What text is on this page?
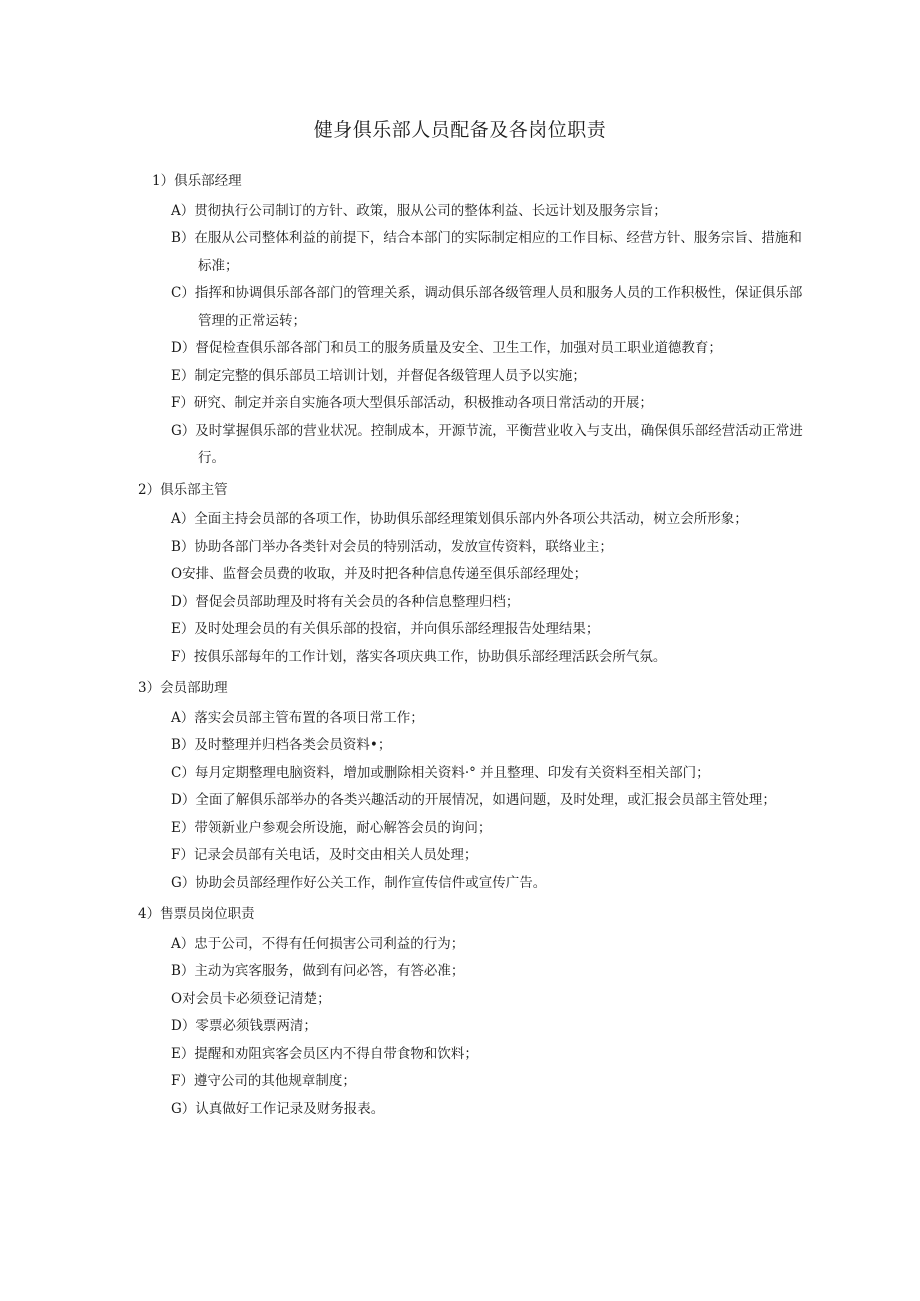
健身俱乐部人员配备及各岗位职责
1）俱乐部经理
A）贯彻执行公司制订的方针、政策，服从公司的整体利益、长远计划及服务宗旨；
B）在服从公司整体利益的前提下，结合本部门的实际制定相应的工作目标、经营方针、服务宗旨、措施和标准；
C）指挥和协调俱乐部各部门的管理关系，调动俱乐部各级管理人员和服务人员的工作积极性，保证俱乐部管理的正常运转；
D）督促检查俱乐部各部门和员工的服务质量及安全、卫生工作，加强对员工职业道德教育；
E）制定完整的俱乐部员工培训计划，并督促各级管理人员予以实施；
F）研究、制定并亲自实施各项大型俱乐部活动，积极推动各项日常活动的开展；
G）及时掌握俱乐部的营业状况。控制成本，开源节流，平衡营业收入与支出，确保俱乐部经营活动正常进行。
2）俱乐部主管
A）全面主持会员部的各项工作，协助俱乐部经理策划俱乐部内外各项公共活动，树立会所形象；
B）协助各部门举办各类针对会员的特别活动，发放宣传资料，联络业主；
O安排、监督会员费的收取，并及时把各种信息传递至俱乐部经理处；
D）督促会员部助理及时将有关会员的各种信息整理归档；
E）及时处理会员的有关俱乐部的投宿，并向俱乐部经理报告处理结果；
F）按俱乐部每年的工作计划，落实各项庆典工作，协助俱乐部经理活跃会所气氛。
3）会员部助理
A）落实会员部主管布置的各项日常工作；
B）及时整理并归档各类会员资料•；
C）每月定期整理电脑资料，增加或删除相关资料·° 并且整理、印发有关资料至相关部门；
D）全面了解俱乐部举办的各类兴趣活动的开展情况，如遇问题，及时处理，或汇报会员部主管处理；
E）带领新业户参观会所设施，耐心解答会员的询问；
F）记录会员部有关电话，及时交由相关人员处理；
G）协助会员部经理作好公关工作，制作宣传信件或宣传广告。
4）售票员岗位职责
A）忠于公司，不得有任何损害公司利益的行为；
B）主动为宾客服务，做到有问必答，有答必准；
O对会员卡必须登记清楚；
D）零票必须钱票两清；
E）提醒和劝阻宾客会员区内不得自带食物和饮料；
F）遵守公司的其他规章制度；
G）认真做好工作记录及财务报表。
